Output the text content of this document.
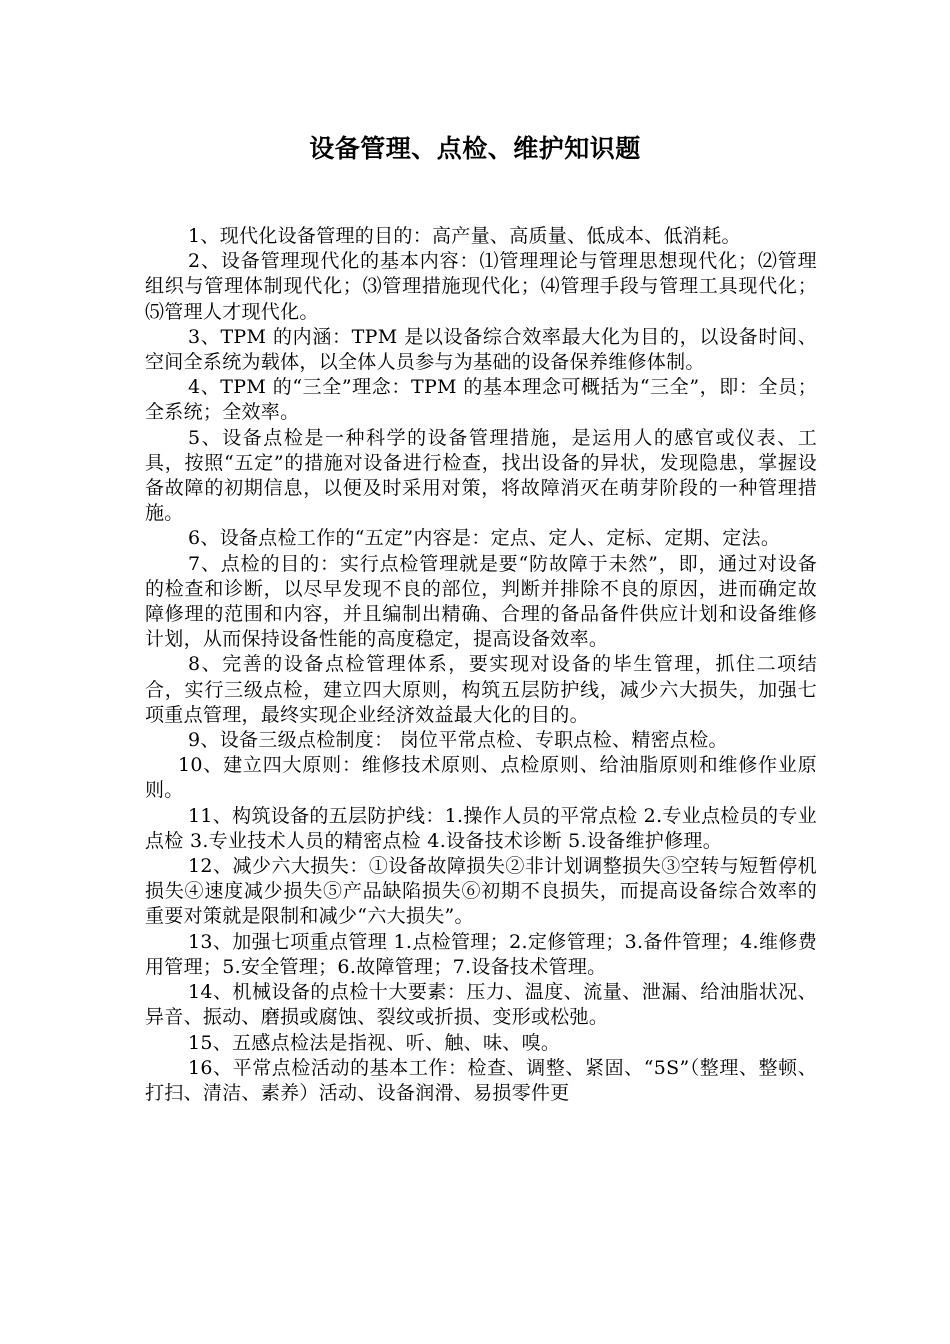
设备管理、点检、维护知识题

1、现代化设备管理的目的：高产量、高质量、低成本、低消耗。

2、设备管理现代化的基本内容：⑴管理理论与管理思想现代化；⑵管理组织与管理体制现代化；⑶管理措施现代化；⑷管理手段与管理工具现代化；⑸管理人才现代化。

3、TPM 的内涵：TPM 是以设备综合效率最大化为目的，以设备时间、空间全系统为载体，以全体人员参与为基础的设备保养维修体制。

4、TPM 的“三全”理念：TPM 的基本理念可概括为“三全”，即：全员；全系统；全效率。

5、设备点检是一种科学的设备管理措施，是运用人的感官或仪表、工具，按照“五定”的措施对设备进行检查，找出设备的异状，发现隐患，掌握设备故障的初期信息，以便及时采用对策，将故障消灭在萌芽阶段的一种管理措施。

6、设备点检工作的“五定”内容是：定点、定人、定标、定期、定法。

7、点检的目的：实行点检管理就是要“防故障于未然”，即，通过对设备的检查和诊断，以尽早发现不良的部位，判断并排除不良的原因，进而确定故障修理的范围和内容，并且编制出精确、合理的备品备件供应计划和设备维修计划，从而保持设备性能的高度稳定，提高设备效率。

8、完善的设备点检管理体系，要实现对设备的毕生管理，抓住二项结合，实行三级点检，建立四大原则，构筑五层防护线，减少六大损失，加强七项重点管理，最终实现企业经济效益最大化的目的。

9、设备三级点检制度： 岗位平常点检、专职点检、精密点检。

10、建立四大原则：维修技术原则、点检原则、给油脂原则和维修作业原则。

11、构筑设备的五层防护线：1.操作人员的平常点检 2.专业点检员的专业点检 3.专业技术人员的精密点检 4.设备技术诊断 5.设备维护修理。

12、减少六大损失：①设备故障损失②非计划调整损失③空转与短暂停机损失④速度减少损失⑤产品缺陷损失⑥初期不良损失，而提高设备综合效率的重要对策就是限制和减少“六大损失”。

13、加强七项重点管理 1.点检管理；2.定修管理；3.备件管理；4.维修费用管理；5.安全管理；6.故障管理；7.设备技术管理。

14、机械设备的点检十大要素：压力、温度、流量、泄漏、给油脂状况、异音、振动、磨损或腐蚀、裂纹或折损、变形或松弛。

15、五感点检法是指视、听、触、味、嗅。

16、平常点检活动的基本工作：检查、调整、紧固、“5S”（整理、整顿、打扫、清洁、素养）活动、设备润滑、易损零件更
